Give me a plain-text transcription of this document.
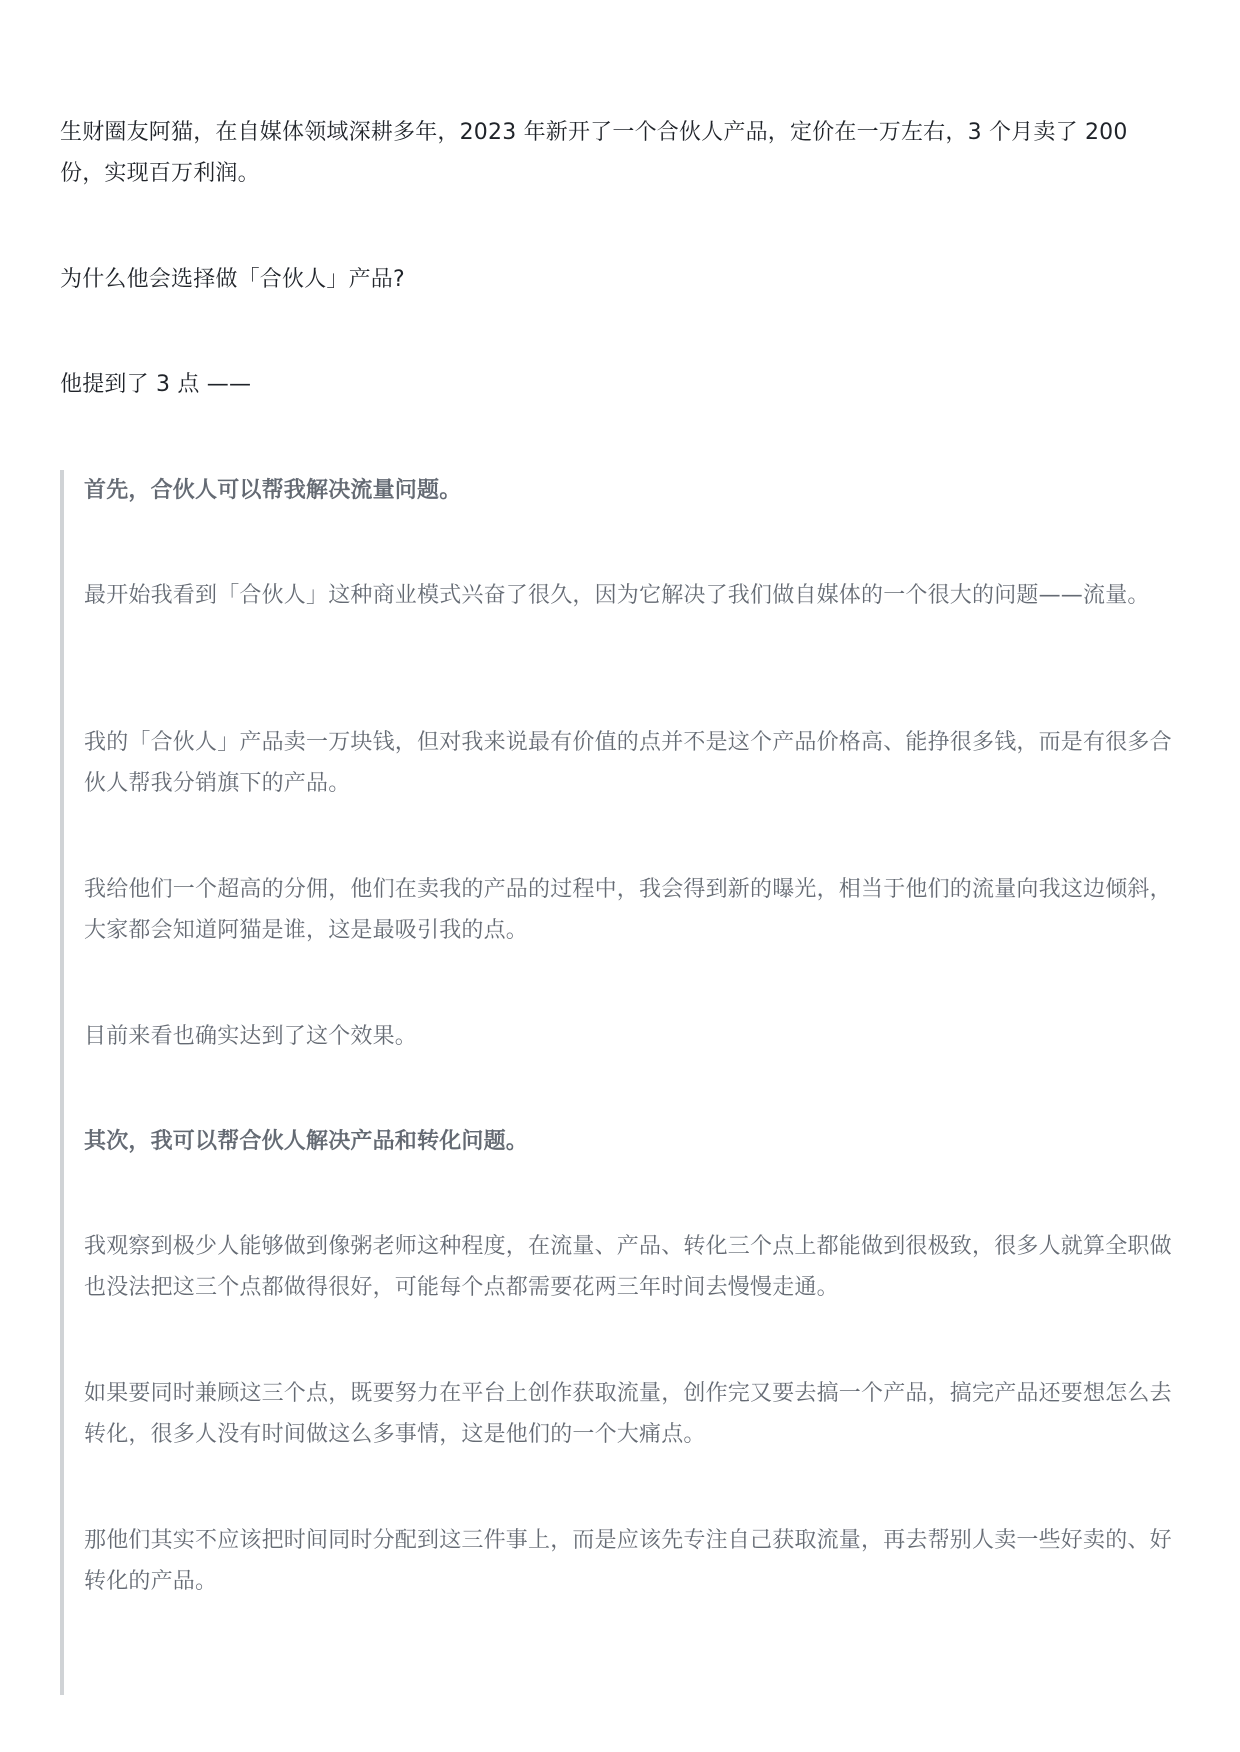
生财圈友阿猫，在自媒体领域深耕多年，2023 年新开了一个合伙人产品，定价在一万左右，3 个月卖了 200 份，实现百万利润。

为什么他会选择做「合伙人」产品?

他提到了 3 点 ——

首先，合伙人可以帮我解决流量问题。

最开始我看到「合伙人」这种商业模式兴奋了很久，因为它解决了我们做自媒体的一个很大的问题——流量。

我的「合伙人」产品卖一万块钱，但对我来说最有价值的点并不是这个产品价格高、能挣很多钱，而是有很多合伙人帮我分销旗下的产品。

我给他们一个超高的分佣，他们在卖我的产品的过程中，我会得到新的曝光，相当于他们的流量向我这边倾斜，大家都会知道阿猫是谁，这是最吸引我的点。

目前来看也确实达到了这个效果。

其次，我可以帮合伙人解决产品和转化问题。

我观察到极少人能够做到像粥老师这种程度，在流量、产品、转化三个点上都能做到很极致，很多人就算全职做也没法把这三个点都做得很好，可能每个点都需要花两三年时间去慢慢走通。

如果要同时兼顾这三个点，既要努力在平台上创作获取流量，创作完又要去搞一个产品，搞完产品还要想怎么去转化，很多人没有时间做这么多事情，这是他们的一个大痛点。

那他们其实不应该把时间同时分配到这三件事上，而是应该先专注自己获取流量，再去帮别人卖一些好卖的、好转化的产品。
